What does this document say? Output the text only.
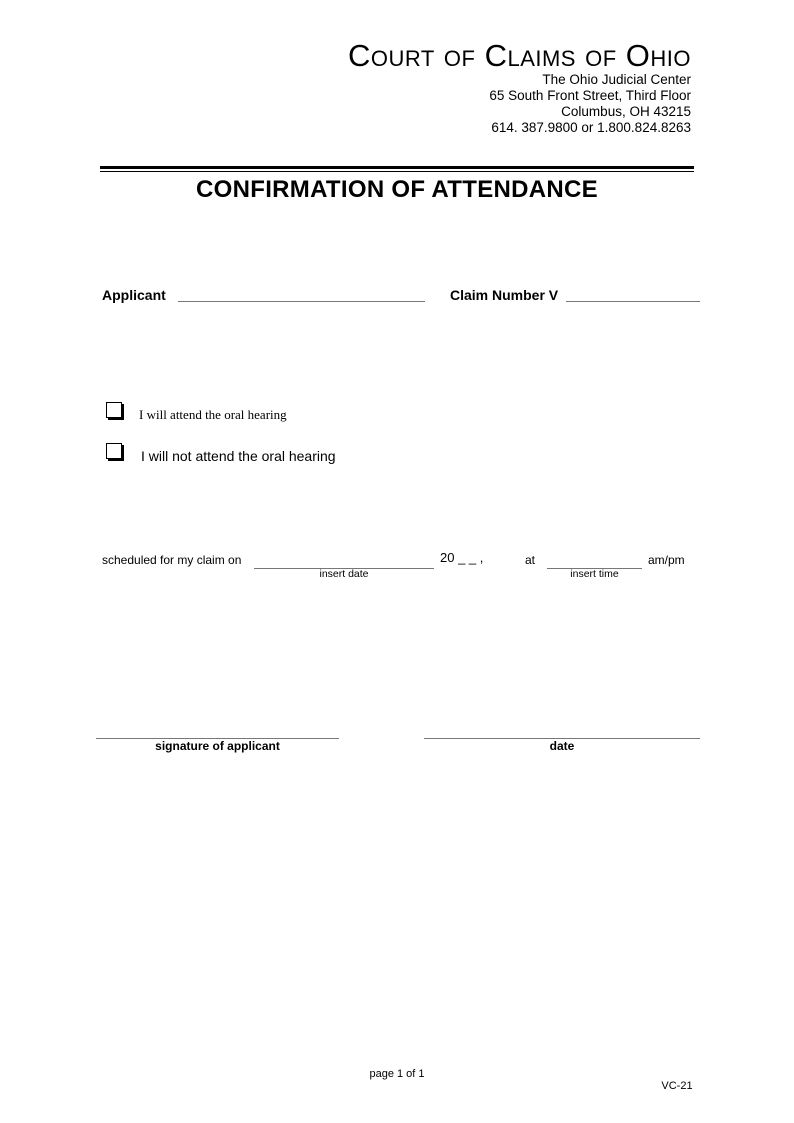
Court of Claims of Ohio
The Ohio Judicial Center
65 South Front Street, Third Floor
Columbus, OH 43215
614. 387.9800 or 1.800.824.8263
CONFIRMATION OF ATTENDANCE
Applicant	Claim Number V
I will attend the oral hearing
I will not attend the oral hearing
scheduled for my claim on
insert date
20 _ _ ,	at
insert time
am/pm
signature of applicant	date
page 1 of 1
VC-21
